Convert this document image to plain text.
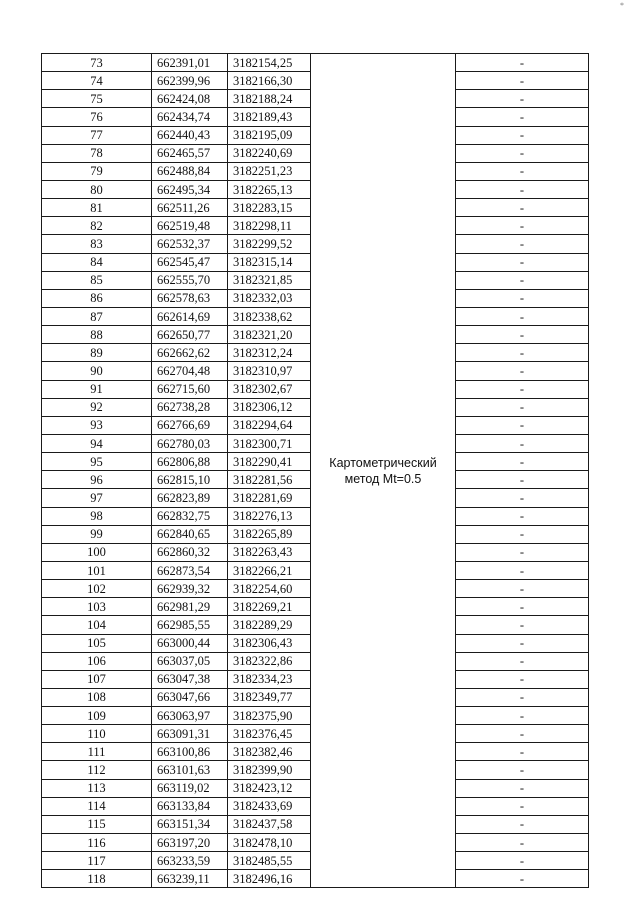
*
73	662391,01	3182154,25	Картометрический метод Mt=0.5	-
74	662399,96	3182166,30		-
75	662424,08	3182188,24		-
76	662434,74	3182189,43		-
77	662440,43	3182195,09		-
78	662465,57	3182240,69		-
79	662488,84	3182251,23		-
80	662495,34	3182265,13		-
81	662511,26	3182283,15		-
82	662519,48	3182298,11		-
83	662532,37	3182299,52		-
84	662545,47	3182315,14		-
85	662555,70	3182321,85		-
86	662578,63	3182332,03		-
87	662614,69	3182338,62		-
88	662650,77	3182321,20		-
89	662662,62	3182312,24		-
90	662704,48	3182310,97		-
91	662715,60	3182302,67		-
92	662738,28	3182306,12		-
93	662766,69	3182294,64		-
94	662780,03	3182300,71		-
95	662806,88	3182290,41		-
96	662815,10	3182281,56		-
97	662823,89	3182281,69		-
98	662832,75	3182276,13		-
99	662840,65	3182265,89		-
100	662860,32	3182263,43		-
101	662873,54	3182266,21		-
102	662939,32	3182254,60		-
103	662981,29	3182269,21		-
104	662985,55	3182289,29		-
105	663000,44	3182306,43		-
106	663037,05	3182322,86		-
107	663047,38	3182334,23		-
108	663047,66	3182349,77		-
109	663063,97	3182375,90		-
110	663091,31	3182376,45		-
111	663100,86	3182382,46		-
112	663101,63	3182399,90		-
113	663119,02	3182423,12		-
114	663133,84	3182433,69		-
115	663151,34	3182437,58		-
116	663197,20	3182478,10		-
117	663233,59	3182485,55		-
118	663239,11	3182496,16		-
